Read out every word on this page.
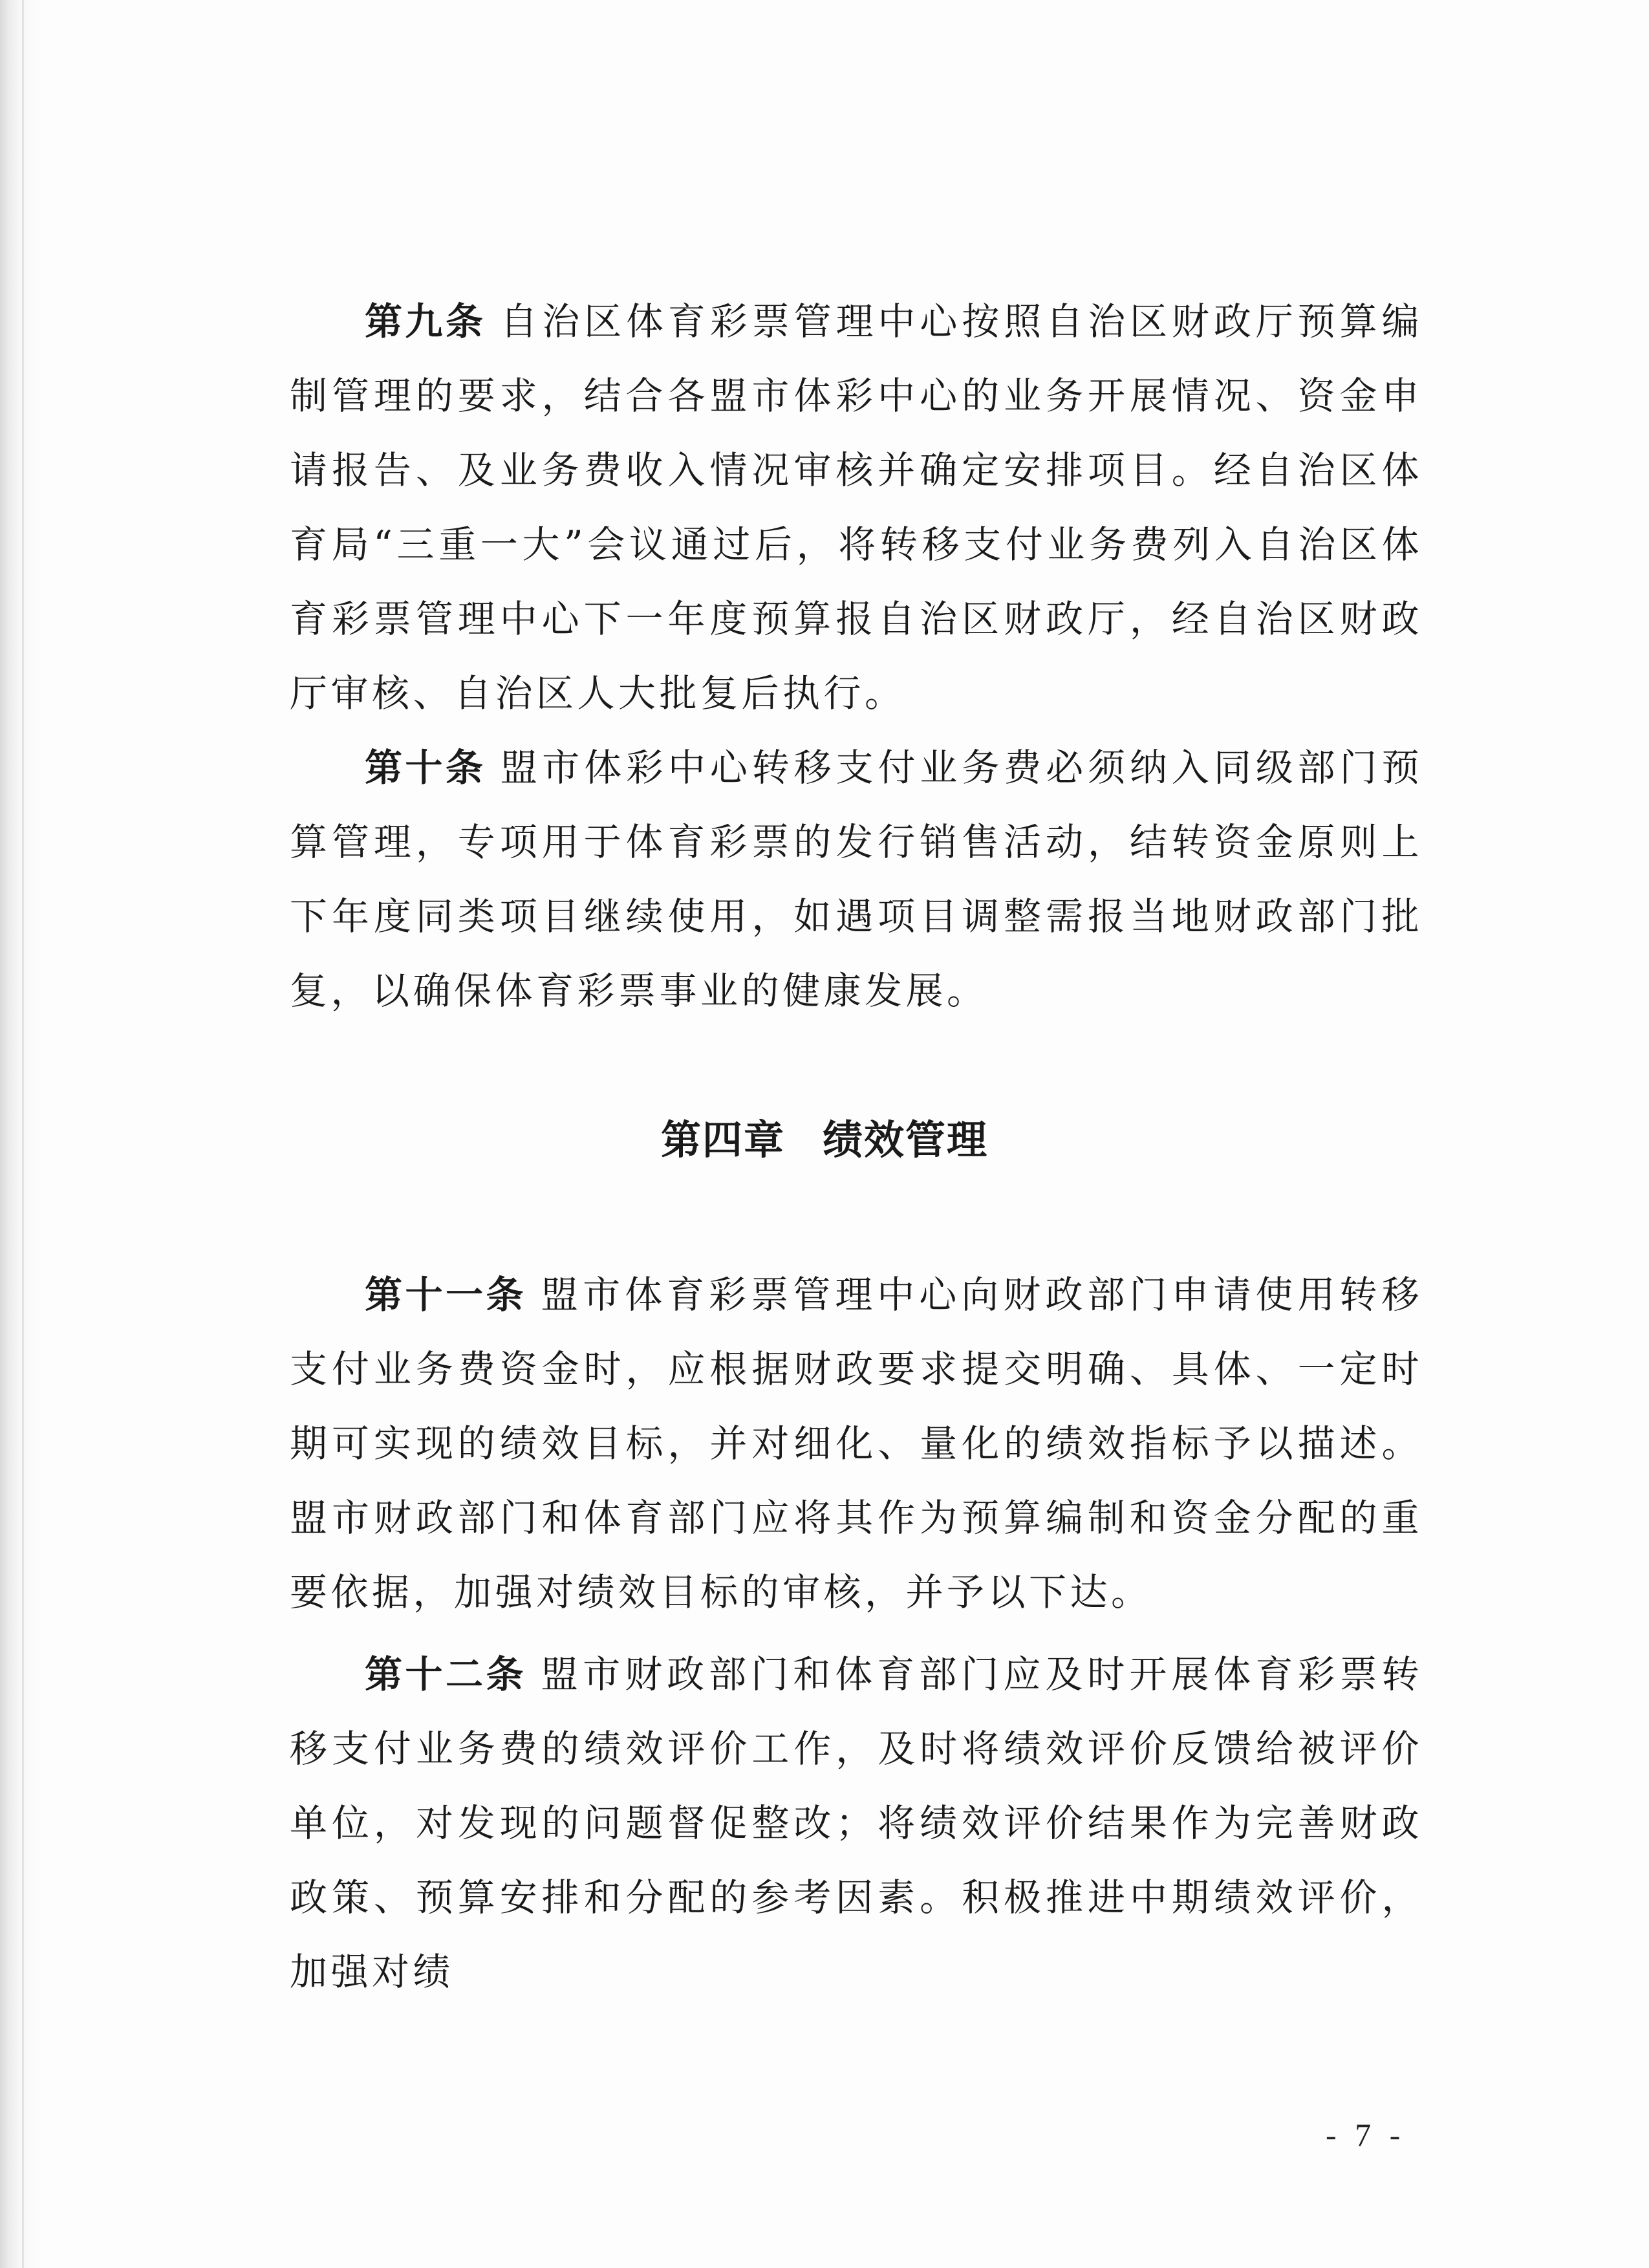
第九条 自治区体育彩票管理中心按照自治区财政厅预算编制管理的要求，结合各盟市体彩中心的业务开展情况、资金申请报告、及业务费收入情况审核并确定安排项目。经自治区体育局“三重一大”会议通过后，将转移支付业务费列入自治区体育彩票管理中心下一年度预算报自治区财政厅，经自治区财政厅审核、自治区人大批复后执行。

第十条 盟市体彩中心转移支付业务费必须纳入同级部门预算管理，专项用于体育彩票的发行销售活动，结转资金原则上下年度同类项目继续使用，如遇项目调整需报当地财政部门批复，以确保体育彩票事业的健康发展。

第四章 绩效管理

第十一条 盟市体育彩票管理中心向财政部门申请使用转移支付业务费资金时，应根据财政要求提交明确、具体、一定时期可实现的绩效目标，并对细化、量化的绩效指标予以描述。盟市财政部门和体育部门应将其作为预算编制和资金分配的重要依据，加强对绩效目标的审核，并予以下达。

第十二条 盟市财政部门和体育部门应及时开展体育彩票转移支付业务费的绩效评价工作，及时将绩效评价反馈给被评价单位，对发现的问题督促整改；将绩效评价结果作为完善财政政策、预算安排和分配的参考因素。积极推进中期绩效评价，加强对绩

- 7 -
